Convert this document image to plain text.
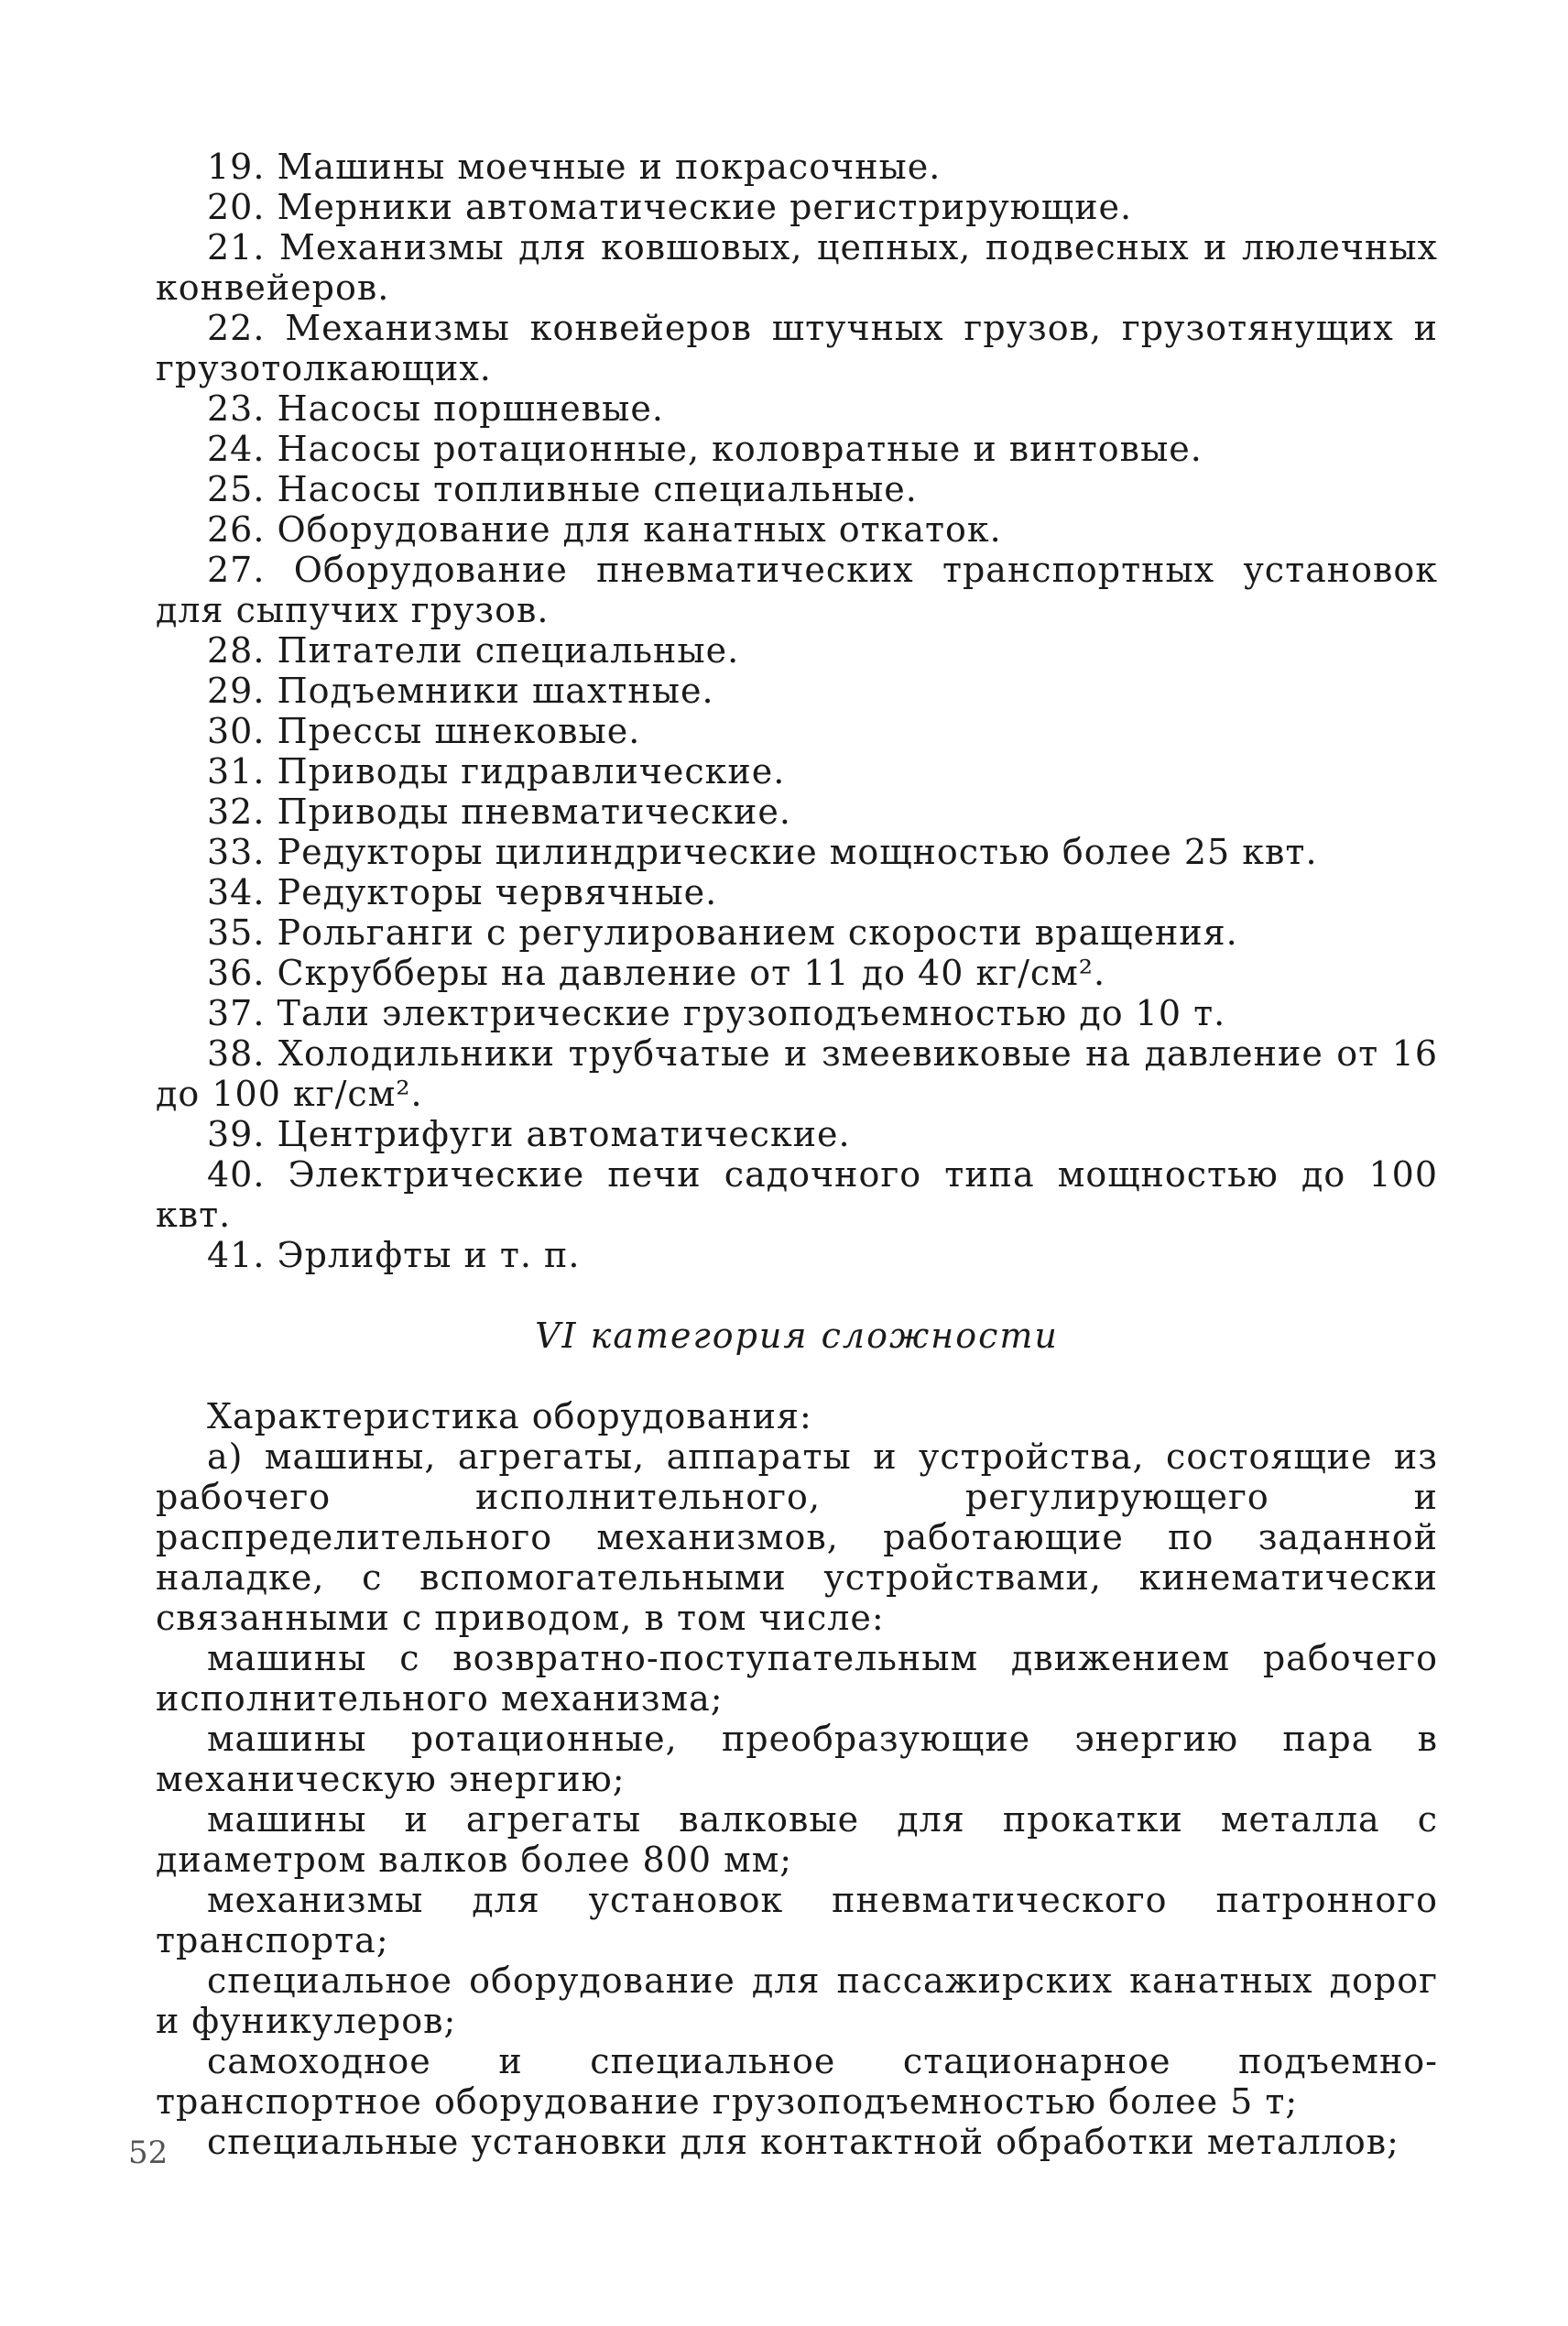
19. Машины моечные и покрасочные.

20. Мерники автоматические регистрирующие.

21. Механизмы для ковшовых, цепных, подвесных и люлечных конвейеров.

22. Механизмы конвейеров штучных грузов, грузотянущих и грузотолкающих.

23. Насосы поршневые.

24. Насосы ротационные, коловратные и винтовые.

25. Насосы топливные специальные.

26. Оборудование для канатных откаток.

27. Оборудование пневматических транспортных установок для сыпучих грузов.

28. Питатели специальные.

29. Подъемники шахтные.

30. Прессы шнековые.

31. Приводы гидравлические.

32. Приводы пневматические.

33. Редукторы цилиндрические мощностью более 25 квт.

34. Редукторы червячные.

35. Рольганги с регулированием скорости вращения.

36. Скрубберы на давление от 11 до 40 кг/см².

37. Тали электрические грузоподъемностью до 10 т.

38. Холодильники трубчатые и змеевиковые на давление от 16 до 100 кг/см².

39. Центрифуги автоматические.

40. Электрические печи садочного типа мощностью до 100 квт.

41. Эрлифты и т. п.

VI категория сложности

Характеристика оборудования:

а) машины, агрегаты, аппараты и устройства, состоящие из рабочего исполнительного, регулирующего и распределительного механизмов, работающие по заданной наладке, с вспомогательными устройствами, кинематически связанными с приводом, в том числе:

машины с возвратно-поступательным движением рабочего исполнительного механизма;

машины ротационные, преобразующие энергию пара в механическую энергию;

машины и агрегаты валковые для прокатки металла с диаметром валков более 800 мм;

механизмы для установок пневматического патронного транспорта;

специальное оборудование для пассажирских канатных дорог и фуникулеров;

самоходное и специальное стационарное подъемно-транспортное оборудование грузоподъемностью более 5 т;

специальные установки для контактной обработки металлов;

52
